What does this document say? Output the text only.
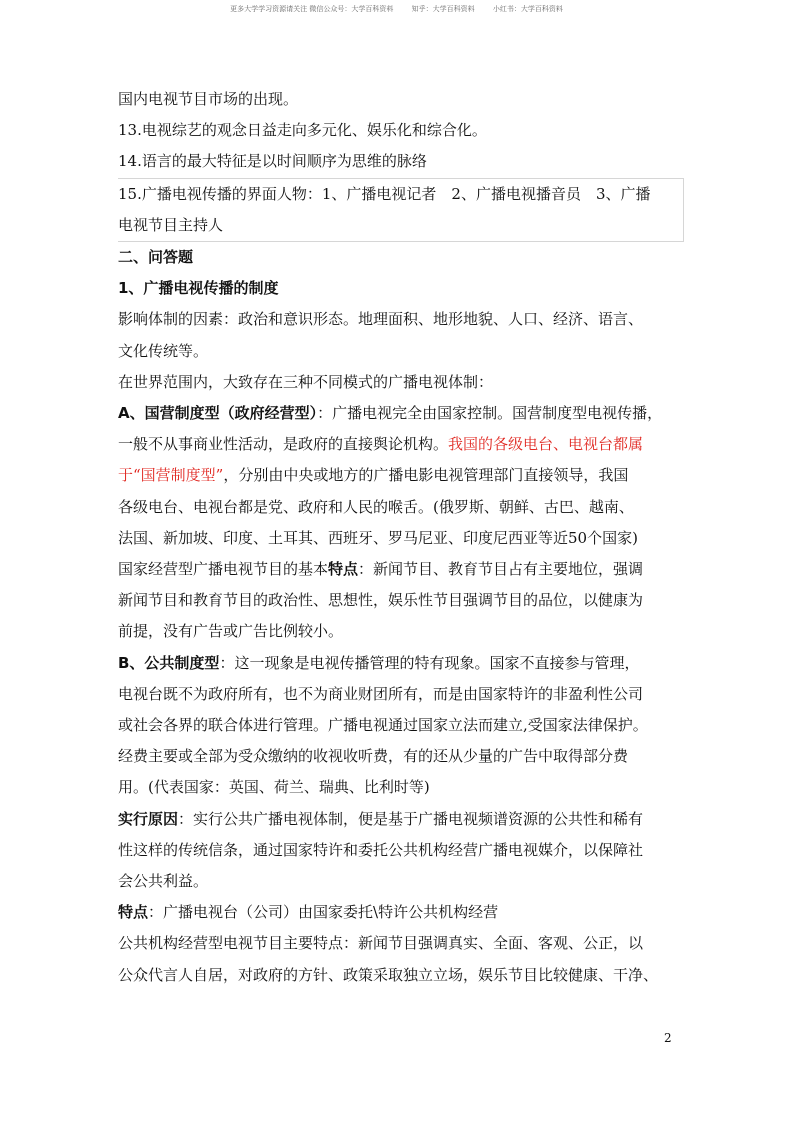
更多大学学习资源请关注 微信公众号：大学百科资料	知乎：大学百科资料	小红书：大学百科资料

国内电视节目市场的出现。

13.电视综艺的观念日益走向多元化、娱乐化和综合化。

14.语言的最大特征是以时间顺序为思维的脉络

15.广播电视传播的界面人物：1、广播电视记者　2、广播电视播音员　3、广播

电视节目主持人

二、问答题

1、广播电视传播的制度

影响体制的因素：政治和意识形态。地理面积、地形地貌、人口、经济、语言、

文化传统等。

在世界范围内，大致存在三种不同模式的广播电视体制：

A、国营制度型（政府经营型）：广播电视完全由国家控制。国营制度型电视传播，

一般不从事商业性活动，是政府的直接舆论机构。我国的各级电台、电视台都属

于“国营制度型”，分别由中央或地方的广播电影电视管理部门直接领导，我国

各级电台、电视台都是党、政府和人民的喉舌。(俄罗斯、朝鲜、古巴、越南、

法国、新加坡、印度、土耳其、西班牙、罗马尼亚、印度尼西亚等近50个国家)

国家经营型广播电视节目的基本特点：新闻节目、教育节目占有主要地位，强调

新闻节目和教育节目的政治性、思想性，娱乐性节目强调节目的品位，以健康为

前提，没有广告或广告比例较小。

B、公共制度型：这一现象是电视传播管理的特有现象。国家不直接参与管理，

电视台既不为政府所有，也不为商业财团所有，而是由国家特许的非盈利性公司

或社会各界的联合体进行管理。广播电视通过国家立法而建立,受国家法律保护。

经费主要或全部为受众缴纳的收视收听费，有的还从少量的广告中取得部分费

用。(代表国家：英国、荷兰、瑞典、比利时等)

实行原因：实行公共广播电视体制，便是基于广播电视频谱资源的公共性和稀有

性这样的传统信条，通过国家特许和委托公共机构经营广播电视媒介，以保障社

会公共利益。

特点：广播电视台（公司）由国家委托\特许公共机构经营

公共机构经营型电视节目主要特点：新闻节目强调真实、全面、客观、公正，以

公众代言人自居，对政府的方针、政策采取独立立场，娱乐节目比较健康、干净、

2
